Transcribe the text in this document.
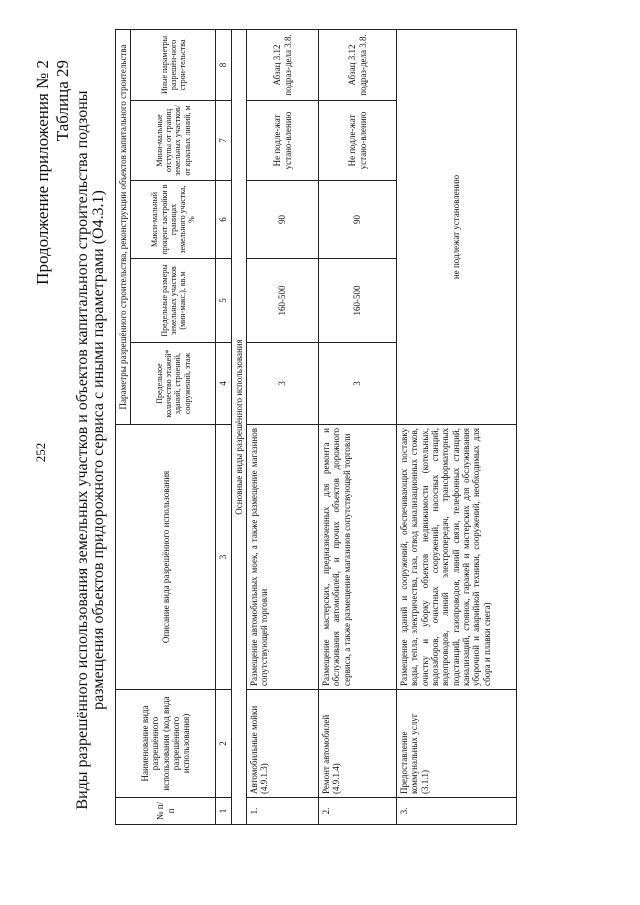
252
Продолжение приложения № 2 Таблица 29 Виды разрешённого использования земельных участков и объектов капитального строительства подзоны размещения объектов придорожного сервиса с иными параметрами (О4.3.1)
№ п/п	Наименование вида разрешённого использования (код вида разрешённого использования)	Описание вида разрешённого использования	Параметры разрешённого строительства, реконструкции объектов капитального строительства				
			Предельное количество этажей* зданий, строений, сооружений, этаж	Предельные размеры земельных участков (мин-макс.), кв.м	Макси-мальный процент застройки в границах земельного участка, %	Мини-мальные отступы от границ земельных участков/ от красных линий, м	Иные параметры разрешён-ного строи-тельства
1	2	3	4	5	6	7	8
Основные виды разрешённого использования							
1.	Автомобильные мойки (4.9.1.3)	Размещение автомобильных моек, а также размещение магазинов сопутствующей торговли	3	160-500	90	Не подле-жат устано-влению	Абзац 3.12 подраз-дела 3.8.
2.	Ремонт автомобилей (4.9.1.4)	Размещение мастерских, предназначенных для ремонта и обслуживания автомобилей, и прочих объектов дорожного сервиса, а также размещение магазинов сопутствующей торговли	3	160-500	90	Не подле-жат устано-влению	Абзац 3.12 подраз-дела 3.8.
3.	Предоставление коммунальных услуг (3.1.1)	Размещение зданий и сооружений, обеспечивающих поставку воды, тепла, электричества, газа, отвод канализационных стоков, очистку и уборку объектов недвижимости (котельных, водозаборов, очистных сооружений, насосных станций, водопроводов, линий электропередач, трансформаторных подстанций, газопроводов, линий связи, телефонных станций, канализаций, стоянок, гаражей и мастерских для обслуживания уборочной и аварийной техники, сооружений, необходимых для сбора и плавки снега)	не подлежат установлению				
